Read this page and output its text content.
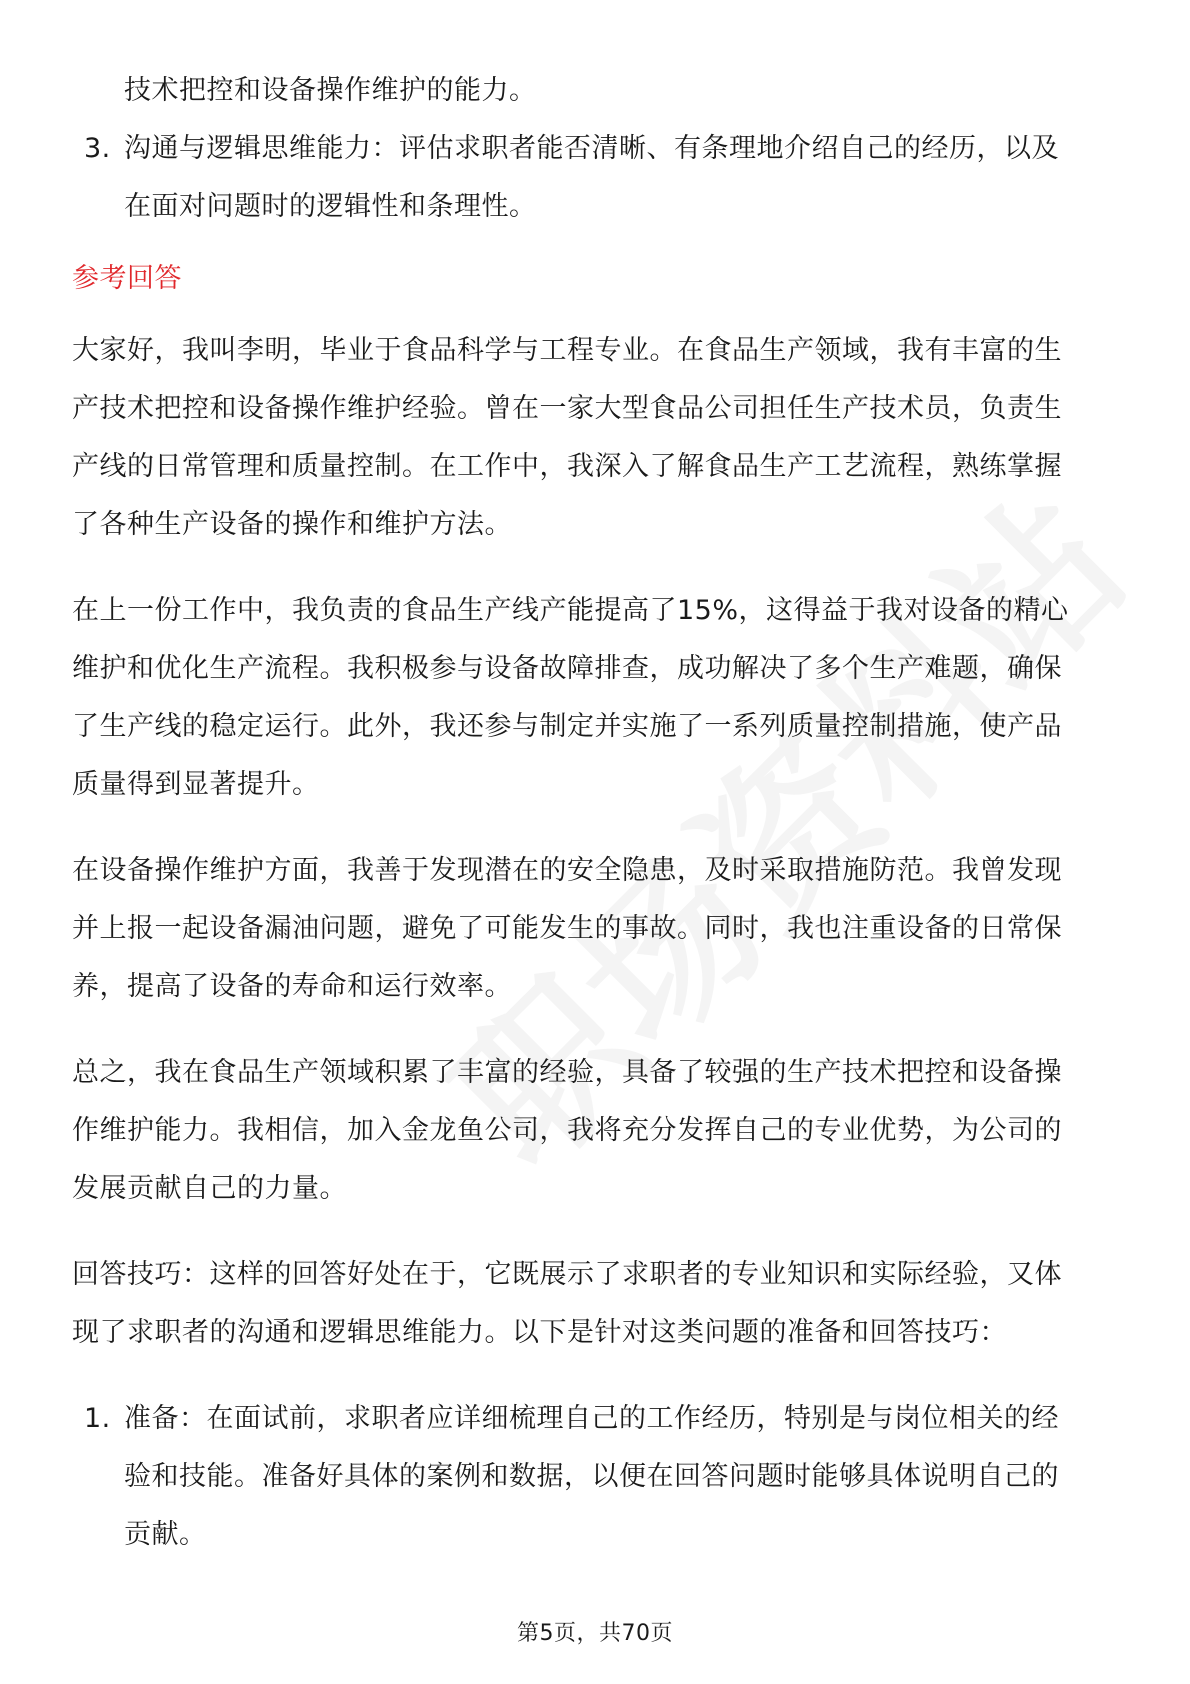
技术把控和设备操作维护的能力。

3. 沟通与逻辑思维能力：评估求职者能否清晰、有条理地介绍自己的经历，以及

在面对问题时的逻辑性和条理性。

参考回答

大家好，我叫李明，毕业于食品科学与工程专业。在食品生产领域，我有丰富的生

产技术把控和设备操作维护经验。曾在一家大型食品公司担任生产技术员，负责生

产线的日常管理和质量控制。在工作中，我深入了解食品生产工艺流程，熟练掌握

了各种生产设备的操作和维护方法。

在上一份工作中，我负责的食品生产线产能提高了15%，这得益于我对设备的精心

维护和优化生产流程。我积极参与设备故障排查，成功解决了多个生产难题，确保

了生产线的稳定运行。此外，我还参与制定并实施了一系列质量控制措施，使产品

质量得到显著提升。

在设备操作维护方面，我善于发现潜在的安全隐患，及时采取措施防范。我曾发现

并上报一起设备漏油问题，避免了可能发生的事故。同时，我也注重设备的日常保

养，提高了设备的寿命和运行效率。

总之，我在食品生产领域积累了丰富的经验，具备了较强的生产技术把控和设备操

作维护能力。我相信，加入金龙鱼公司，我将充分发挥自己的专业优势，为公司的

发展贡献自己的力量。

回答技巧：这样的回答好处在于，它既展示了求职者的专业知识和实际经验，又体

现了求职者的沟通和逻辑思维能力。以下是针对这类问题的准备和回答技巧：

1. 准备：在面试前，求职者应详细梳理自己的工作经历，特别是与岗位相关的经

验和技能。准备好具体的案例和数据，以便在回答问题时能够具体说明自己的

贡献。

第5页，共70页
